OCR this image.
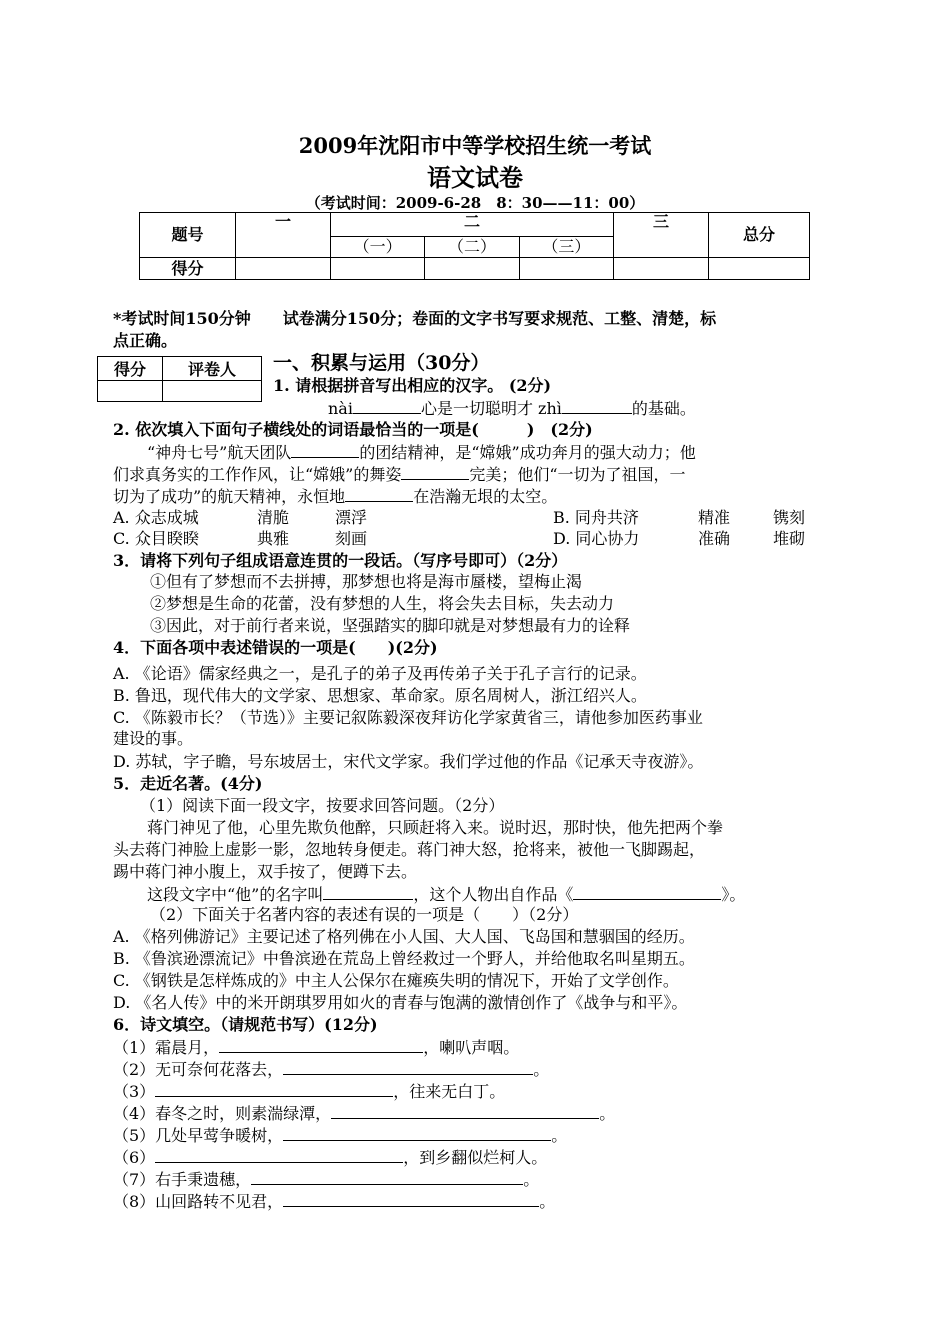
2009年沈阳市中等学校招生统一考试
语文试卷
（考试时间：2009-6-28　8：30——11：00）
题号	一	二			三	总分
		（一）	（二）	（三）		
得分						
*考试时间150分钟　　试卷满分150分；卷面的文字书写要求规范、工整、清楚，标
点正确。
得分	评卷人
	一、积累与运用（30分）
1. 请根据拼音写出相应的汉字。 (2分)
nài	心是一切聪明才 zhì	的基础。
2. 依次填入下面句子横线处的词语最恰当的一项是(　　　)　(2分)
“神舟七号”航天团队	的团结精神，是“嫦娥”成功奔月的强大动力；他
们求真务实的工作作风，让“嫦娥”的舞姿	完美；他们“一切为了祖国，一
切为了成功”的航天精神，永恒地	在浩瀚无垠的太空。
A. 众志成城	清脆	漂浮	B. 同舟共济	精准	镌刻
C. 众目睽睽	典雅	刻画	D. 同心协力	准确	堆砌
3．请将下列句子组成语意连贯的一段话。（写序号即可）（2分）
①但有了梦想而不去拼搏，那梦想也将是海市蜃楼，望梅止渴
②梦想是生命的花蕾，没有梦想的人生，将会失去目标，失去动力
③因此，对于前行者来说，坚强踏实的脚印就是对梦想最有力的诠释
4．下面各项中表述错误的一项是(　　)(2分)
A. 《论语》儒家经典之一，是孔子的弟子及再传弟子关于孔子言行的记录。
B. 鲁迅，现代伟大的文学家、思想家、革命家。原名周树人，浙江绍兴人。
C. 《陈毅市长？（节选）》主要记叙陈毅深夜拜访化学家黄省三，请他参加医药事业
建设的事。
D. 苏轼，字子瞻，号东坡居士，宋代文学家。我们学过他的作品《记承天寺夜游》。
5．走近名著。(4分)
（1）阅读下面一段文字，按要求回答问题。（2分）
蒋门神见了他，心里先欺负他醉，只顾赶将入来。说时迟，那时快，他先把两个拳
头去蒋门神脸上虚影一影，忽地转身便走。蒋门神大怒，抢将来，被他一飞脚踢起，
踢中蒋门神小腹上，双手按了，便蹲下去。
这段文字中“他”的名字叫	，这个人物出自作品《	》。
（2）下面关于名著内容的表述有误的一项是（　　）（2分）
A. 《格列佛游记》主要记述了格列佛在小人国、大人国、飞岛国和慧骃国的经历。
B. 《鲁滨逊漂流记》中鲁滨逊在荒岛上曾经救过一个野人，并给他取名叫星期五。
C. 《钢铁是怎样炼成的》中主人公保尔在瘫痪失明的情况下，开始了文学创作。
D. 《名人传》中的米开朗琪罗用如火的青春与饱满的激情创作了《战争与和平》。
6．诗文填空。（请规范书写）(12分)
（1）霜晨月，	，喇叭声咽。
（2）无可奈何花落去，	。
（3）	，往来无白丁。
（4）春冬之时，则素湍绿潭，	。
（5）几处早莺争暖树，	。
（6）	，到乡翻似烂柯人。
（7）右手秉遗穗，	。
（8）山回路转不见君，	。
